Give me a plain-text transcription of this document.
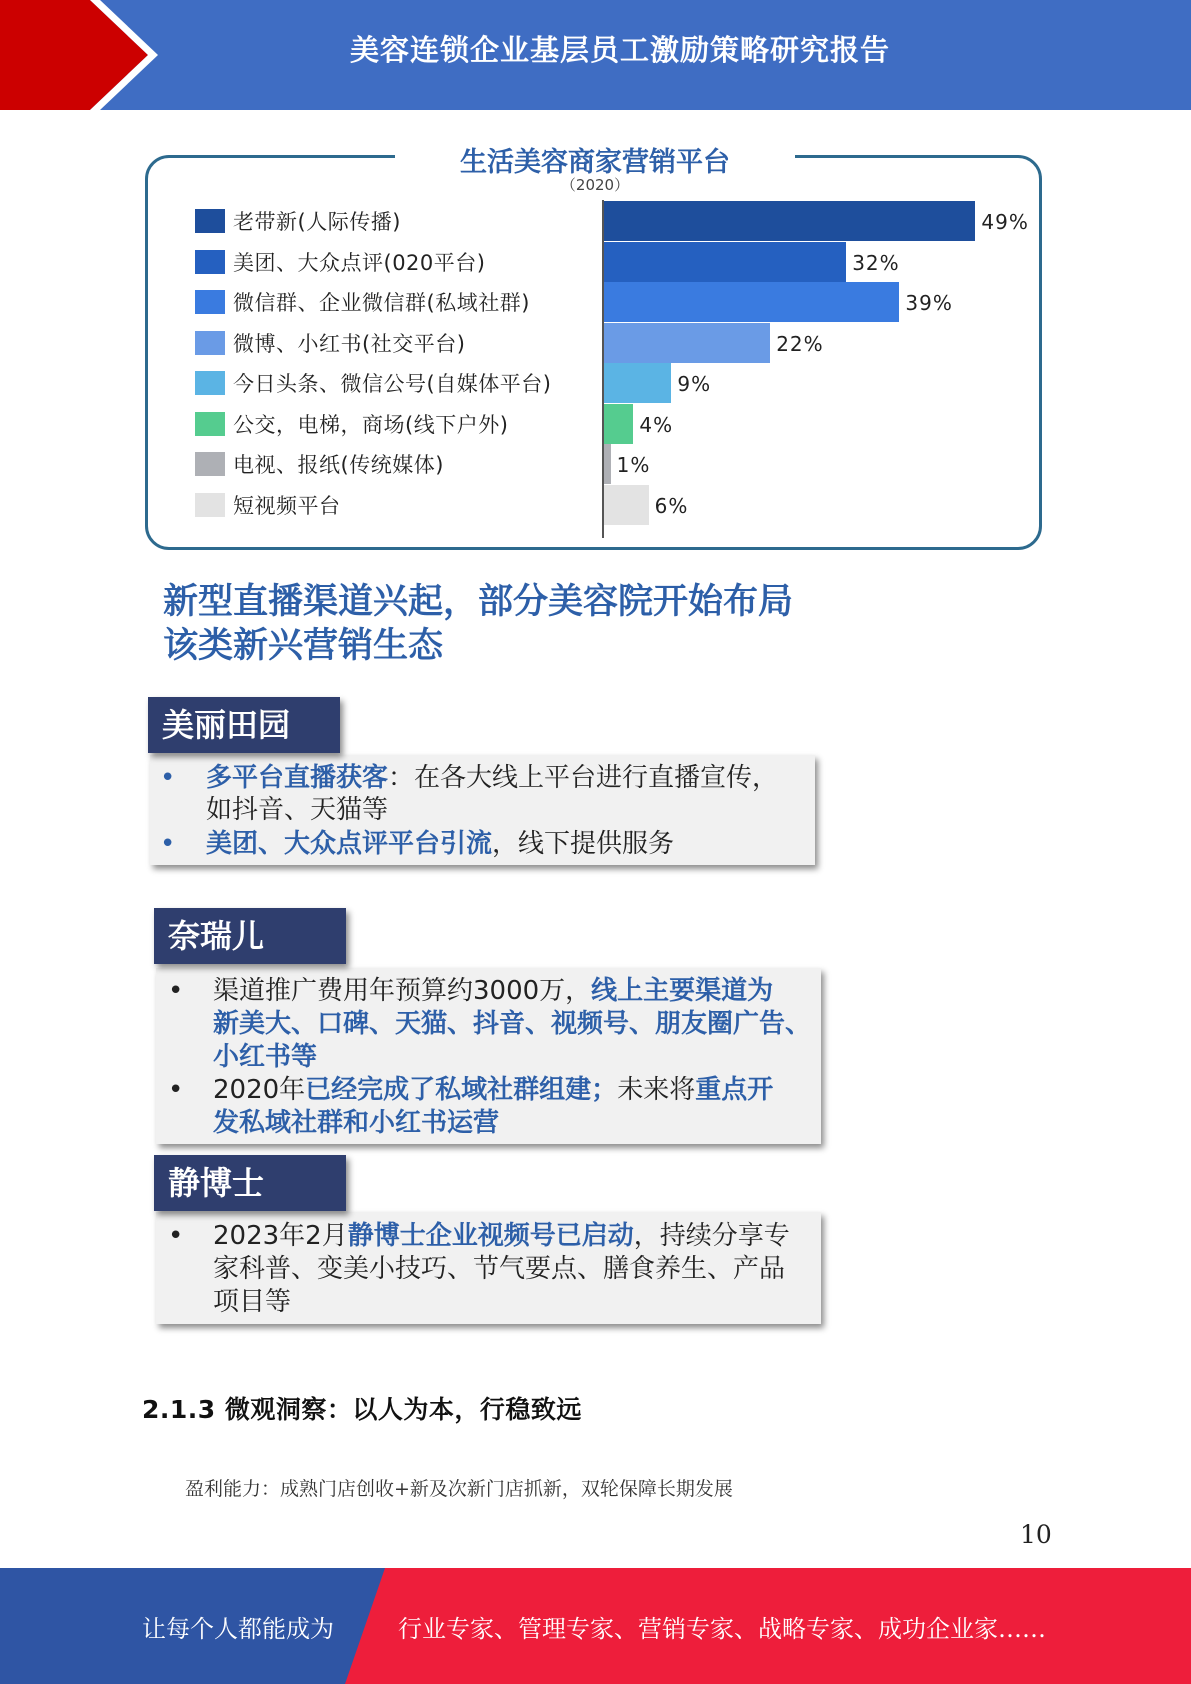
美容连锁企业基层员工激励策略研究报告
生活美容商家营销平台
（2020）
老带新(人际传播)	49%
美团、大众点评(020平台)	32%
微信群、企业微信群(私域社群)	39%
微博、小红书(社交平台)	22%
今日头条、微信公号(自媒体平台)	9%
公交，电梯，商场(线下户外)	4%
电视、报纸(传统媒体)	1%
短视频平台	6%
新型直播渠道兴起，部分美容院开始布局
该类新兴营销生态
美丽田园
• 多平台直播获客：在各大线上平台进行直播宣传，
如抖音、天猫等
• 美团、大众点评平台引流，线下提供服务
奈瑞儿
• 渠道推广费用年预算约3000万，线上主要渠道为
新美大、口碑、天猫、抖音、视频号、朋友圈广告、
小红书等
• 2020年已经完成了私域社群组建；未来将重点开
发私域社群和小红书运营
静博士
• 2023年2月静博士企业视频号已启动，持续分享专
家科普、变美小技巧、节气要点、膳食养生、产品
项目等
2.1.3 微观洞察：以人为本，行稳致远
盈利能力：成熟门店创收+新及次新门店抓新，双轮保障长期发展
10
让每个人都能成为	行业专家、管理专家、营销专家、战略专家、成功企业家……
